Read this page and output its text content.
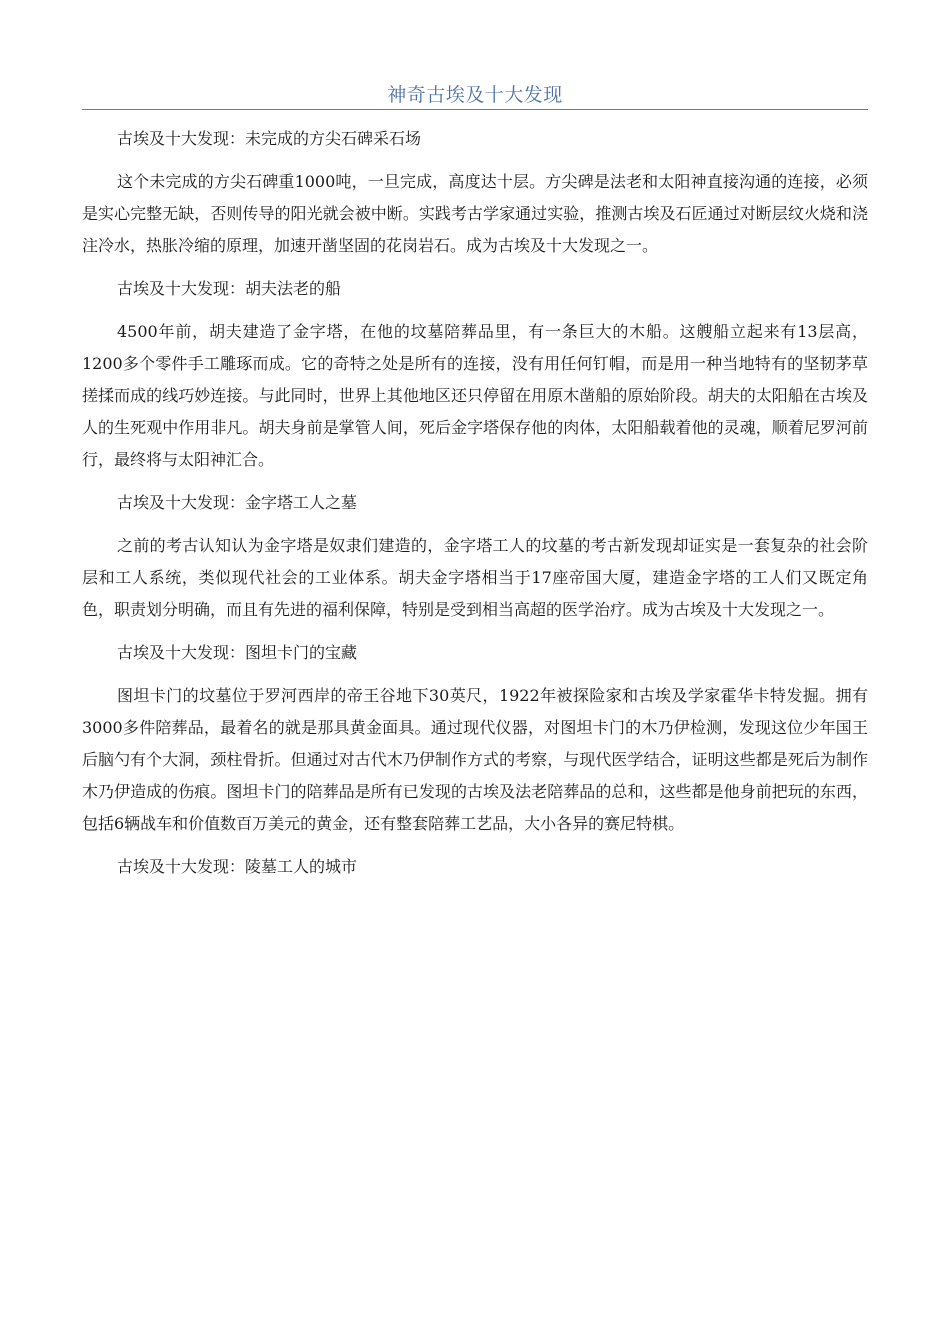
神奇古埃及十大发现

古埃及十大发现：未完成的方尖石碑采石场

这个未完成的方尖石碑重1000吨，一旦完成，高度达十层。方尖碑是法老和太阳神直接沟通的连接，必须是实心完整无缺，否则传导的阳光就会被中断。实践考古学家通过实验，推测古埃及石匠通过对断层纹火烧和浇注冷水，热胀冷缩的原理，加速开凿坚固的花岗岩石。成为古埃及十大发现之一。

古埃及十大发现：胡夫法老的船

4500年前，胡夫建造了金字塔，在他的坟墓陪葬品里，有一条巨大的木船。这艘船立起来有13层高，1200多个零件手工雕琢而成。它的奇特之处是所有的连接，没有用任何钉帽，而是用一种当地特有的坚韧茅草搓揉而成的线巧妙连接。与此同时，世界上其他地区还只停留在用原木凿船的原始阶段。胡夫的太阳船在古埃及人的生死观中作用非凡。胡夫身前是掌管人间，死后金字塔保存他的肉体，太阳船载着他的灵魂，顺着尼罗河前行，最终将与太阳神汇合。

古埃及十大发现：金字塔工人之墓

之前的考古认知认为金字塔是奴隶们建造的，金字塔工人的坟墓的考古新发现却证实是一套复杂的社会阶层和工人系统，类似现代社会的工业体系。胡夫金字塔相当于17座帝国大厦，建造金字塔的工人们又既定角色，职责划分明确，而且有先进的福利保障，特别是受到相当高超的医学治疗。成为古埃及十大发现之一。

古埃及十大发现：图坦卡门的宝藏

图坦卡门的坟墓位于罗河西岸的帝王谷地下30英尺，1922年被探险家和古埃及学家霍华卡特发掘。拥有3000多件陪葬品，最着名的就是那具黄金面具。通过现代仪器，对图坦卡门的木乃伊检测，发现这位少年国王后脑勺有个大洞，颈柱骨折。但通过对古代木乃伊制作方式的考察，与现代医学结合，证明这些都是死后为制作木乃伊造成的伤痕。图坦卡门的陪葬品是所有已发现的古埃及法老陪葬品的总和，这些都是他身前把玩的东西，包括6辆战车和价值数百万美元的黄金，还有整套陪葬工艺品，大小各异的赛尼特棋。

古埃及十大发现：陵墓工人的城市
